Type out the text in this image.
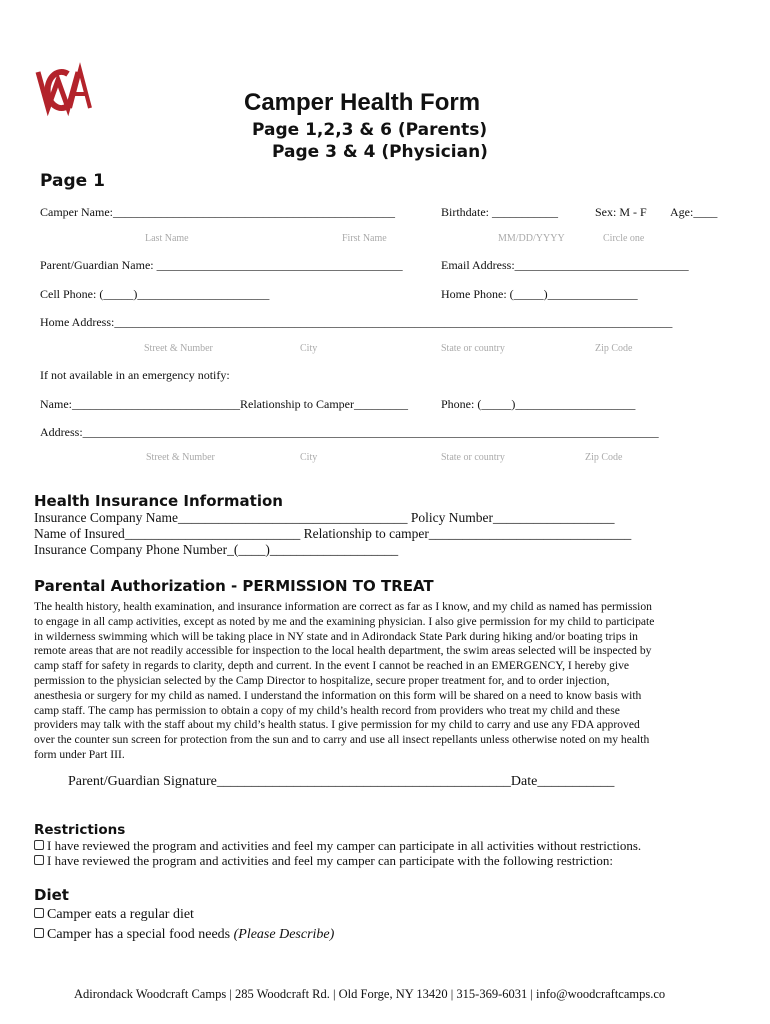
Camper Health Form
Page 1,2,3 & 6 (Parents)
Page 3 & 4 (Physician)
Page 1
Camper Name:_______________________________________________	Birthdate: ___________	Sex: M - F Age:____
Last Name	First Name	MM/DD/YYYY	Circle one
Parent/Guardian Name: _________________________________________	Email Address:_____________________________
Cell Phone: (_____)______________________	Home Phone: (_____)_______________
Home Address:_____________________________________________________________________________________________
Street & Number	City	State or country	Zip Code
If not available in an emergency notify:
Name:____________________________Relationship to Camper_________	Phone: (_____)____________________
Address:________________________________________________________________________________________________
Street & Number	City	State or country	Zip Code
Health Insurance Information
Insurance Company Name__________________________________ Policy Number__________________
Name of Insured__________________________ Relationship to camper______________________________
Insurance Company Phone Number_(____)___________________
Parental Authorization - PERMISSION TO TREAT

The health history, health examination, and insurance information are correct as far as I know, and my child as named has permission

to engage in all camp activities, except as noted by me and the examining physician. I also give permission for my child to participate

in wilderness swimming which will be taking place in NY state and in Adirondack State Park during hiking and/or boating trips in

remote areas that are not readily accessible for inspection to the local health department, the swim areas selected will be inspected by

camp staff for safety in regards to clarity, depth and current. In the event I cannot be reached in an EMERGENCY, I hereby give

permission to the physician selected by the Camp Director to hospitalize, secure proper treatment for, and to order injection,

anesthesia or surgery for my child as named. I understand the information on this form will be shared on a need to know basis with

camp staff. The camp has permission to obtain a copy of my child’s health record from providers who treat my child and these

providers may talk with the staff about my child’s health status. I give permission for my child to carry and use any FDA approved

over the counter sun screen for protection from the sun and to carry and use all insect repellants unless otherwise noted on my health

form under Part III.

Parent/Guardian Signature__________________________________________Date___________
Restrictions
I have reviewed the program and activities and feel my camper can participate in all activities without restrictions.
I have reviewed the program and activities and feel my camper can participate with the following restriction:
Diet
Camper eats a regular diet
Camper has a special food needs (Please Describe)
Adirondack Woodcraft Camps | 285 Woodcraft Rd. | Old Forge, NY 13420 | 315-369-6031 | info@woodcraftcamps.co
